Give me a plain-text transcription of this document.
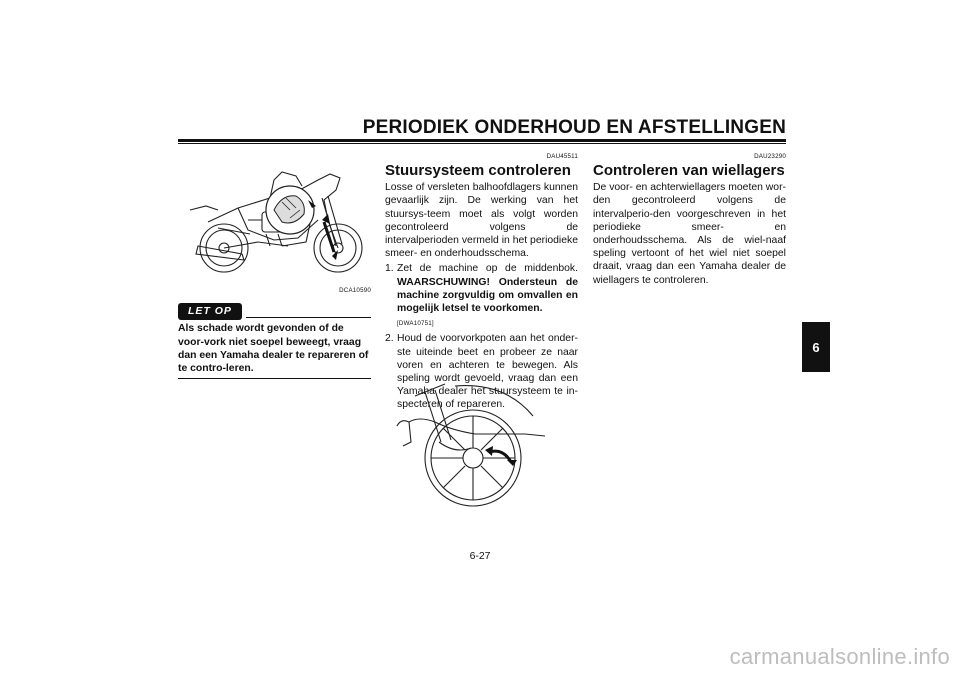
PERIODIEK ONDERHOUD EN AFSTELLINGEN
DCA10590
LET OP

Als schade wordt gevonden of de voor-vork niet soepel beweegt, vraag dan een Yamaha dealer te repareren of te contro-leren.

DAU45511
Stuursysteem controleren

Losse of versleten balhoofdlagers kunnen gevaarlijk zijn. De werking van het stuursys-teem moet als volgt worden gecontroleerd volgens de intervalperioden vermeld in het periodieke smeer- en onderhoudsschema.

1. Zet de machine op de middenbok. WAARSCHUWING! Ondersteun de machine zorgvuldig om omvallen en mogelijk letsel te voorkomen.
[DWA10751]
2. Houd de voorvorkpoten aan het onder-ste uiteinde beet en probeer ze naar voren en achteren te bewegen. Als speling wordt gevoeld, vraag dan een Yamaha dealer het stuursysteem te in-specteren of repareren.
DAU23290
Controleren van wiellagers

De voor- en achterwiellagers moeten wor-den gecontroleerd volgens de intervalperio-den voorgeschreven in het periodieke smeer- en onderhoudsschema. Als de wiel-naaf speling vertoont of het wiel niet soepel draait, vraag dan een Yamaha dealer de wiellagers te controleren.

6-27
6
carmanualsonline.info
